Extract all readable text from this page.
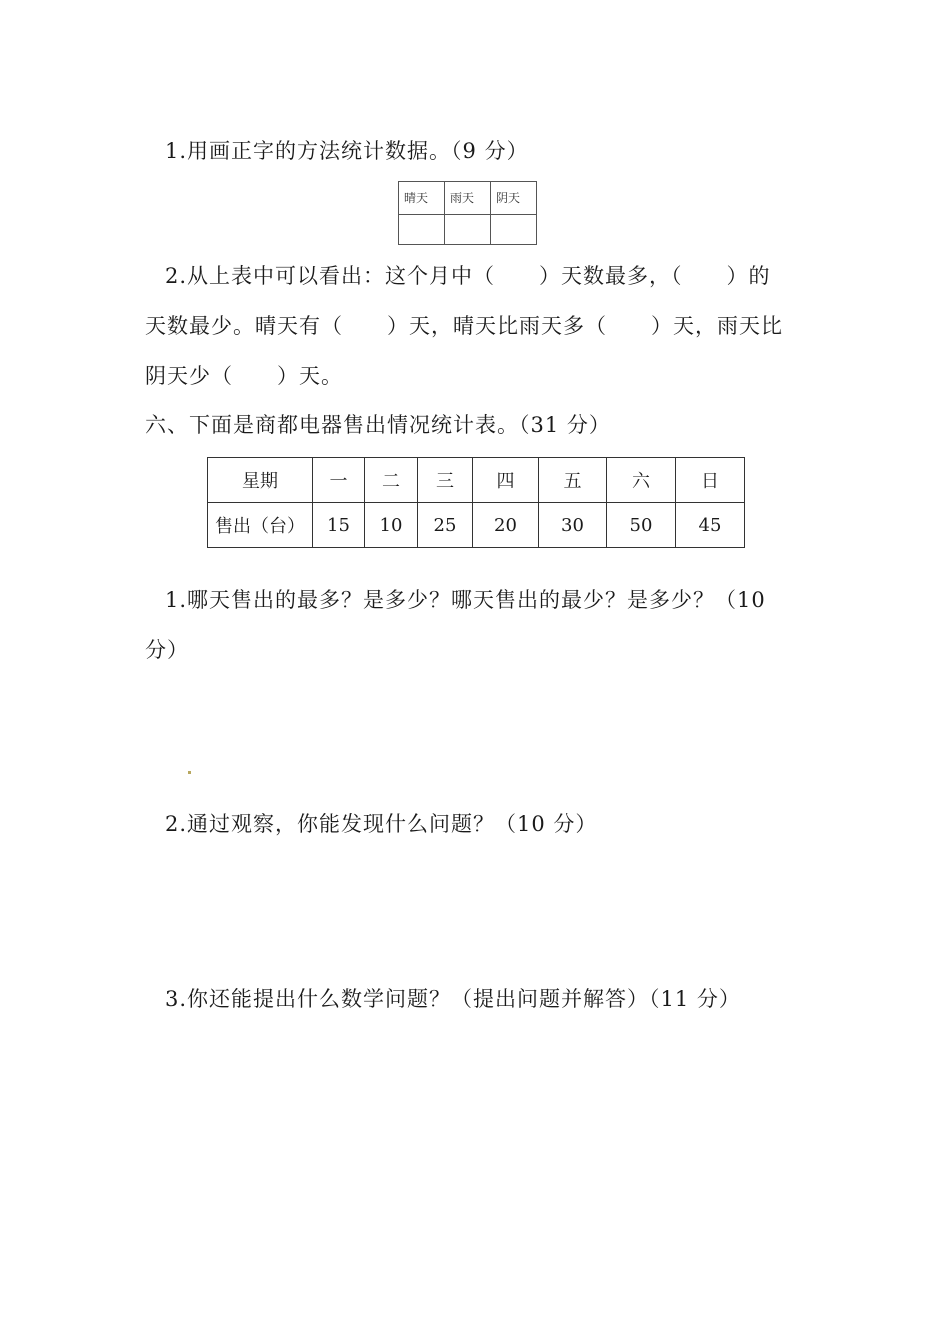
1.用画正字的方法统计数据。（9 分）
晴天	雨天	阴天

2.从上表中可以看出：这个月中（　　）天数最多，（　　）的
天数最少。晴天有（　　）天，晴天比雨天多（　　）天，雨天比
阴天少（　　）天。
六、下面是商都电器售出情况统计表。（31 分）
星期	一	二	三	四	五	六	日
售出（台）	15	10	25	20	30	50	45
1.哪天售出的最多？是多少？哪天售出的最少？是多少？（10
分）
2.通过观察，你能发现什么问题？（10 分）
3.你还能提出什么数学问题？（提出问题并解答）（11 分）
